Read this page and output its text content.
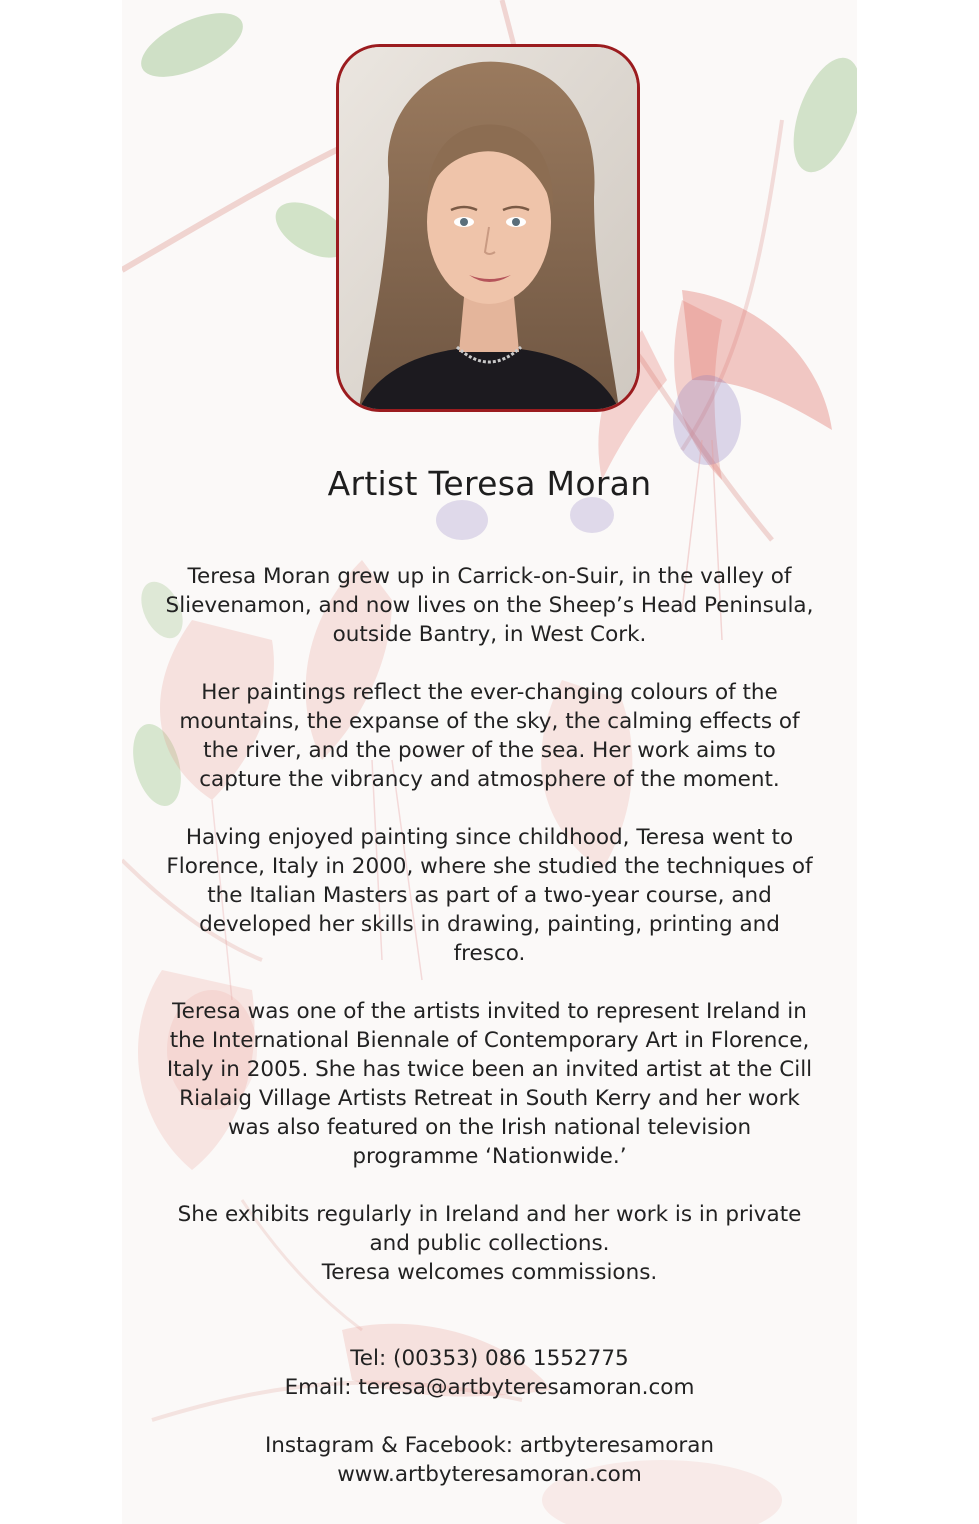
Artist Teresa Moran

Teresa Moran grew up in Carrick-on-Suir, in the valley of Slievenamon, and now lives on the Sheep’s Head Peninsula, outside Bantry, in West Cork.

Her paintings reflect the ever-changing colours of the mountains, the expanse of the sky, the calming effects of the river, and the power of the sea. Her work aims to capture the vibrancy and atmosphere of the moment.

Having enjoyed painting since childhood, Teresa went to Florence, Italy in 2000, where she studied the techniques of the Italian Masters as part of a two-year course, and developed her skills in drawing, painting, printing and fresco.

Teresa was one of the artists invited to represent Ireland in the International Biennale of Contemporary Art in Florence, Italy in 2005. She has twice been an invited artist at the Cill Rialaig Village Artists Retreat in South Kerry and her work was also featured on the Irish national television programme ‘Nationwide.’

She exhibits regularly in Ireland and her work is in private and public collections.
Teresa welcomes commissions.

Tel: (00353) 086 1552775
Email: teresa@artbyteresamoran.com
Instagram & Facebook: artbyteresamoran
www.artbyteresamoran.com
